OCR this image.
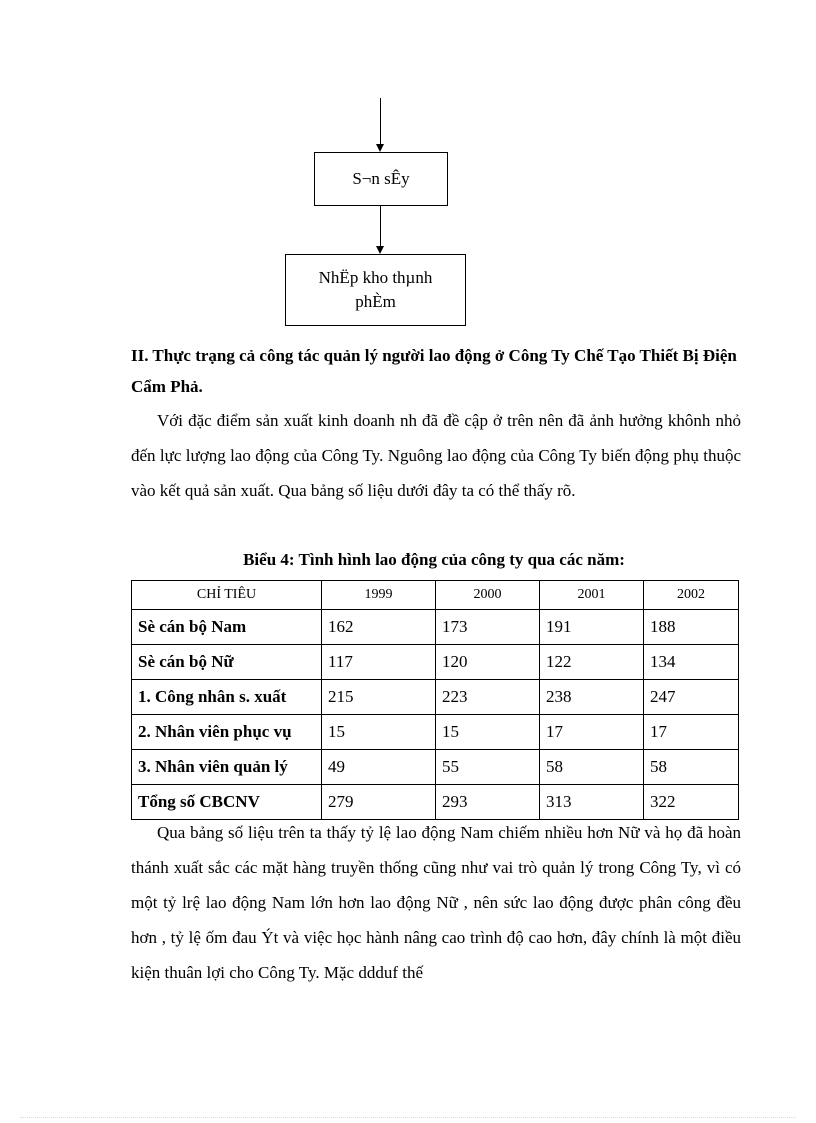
S¬n sÊy
NhËp kho thµnh
phÈm
II. Thực trạng cả công tác quản lý người lao động ở Công Ty Chế Tạo Thiết Bị Điện Cẩm Phả.

Với đặc điểm sản xuất kinh doanh nh đã đề cập ở trên nên đã ảnh hưởng khônh nhỏ đến lực lượng lao động của Công Ty. Nguông lao động của Công Ty biến động phụ thuộc vào kết quả sản xuất. Qua bảng số liệu dưới đây ta có thể thấy rõ.

Biểu 4: Tình hình lao động của công ty qua các năm:
CHỈ TIÊU	1999	2000	2001	2002
Sè cán bộ Nam	162	173	191	188
Sè cán bộ Nữ	117	120	122	134
1. Công nhân s. xuất	215	223	238	247
2. Nhân viên phục vụ	15	15	17	17
3. Nhân viên quản lý	49	55	58	58
Tổng số CBCNV	279	293	313	322

Qua bảng số liệu trên ta thấy tỷ lệ lao động Nam chiếm nhiều hơn Nữ và họ đã hoàn thánh xuất sắc các mặt hàng truyền thống cũng như vai trò quản lý trong Công Ty, vì có một tỷ lrệ lao động Nam lớn hơn lao động Nữ , nên sức lao động được phân công đều hơn , tỷ lệ ốm đau Ýt và việc học hành nâng cao trình độ cao hơn, đây chính là một điều kiện thuân lợi cho Công Ty. Mặc ddduf thế
